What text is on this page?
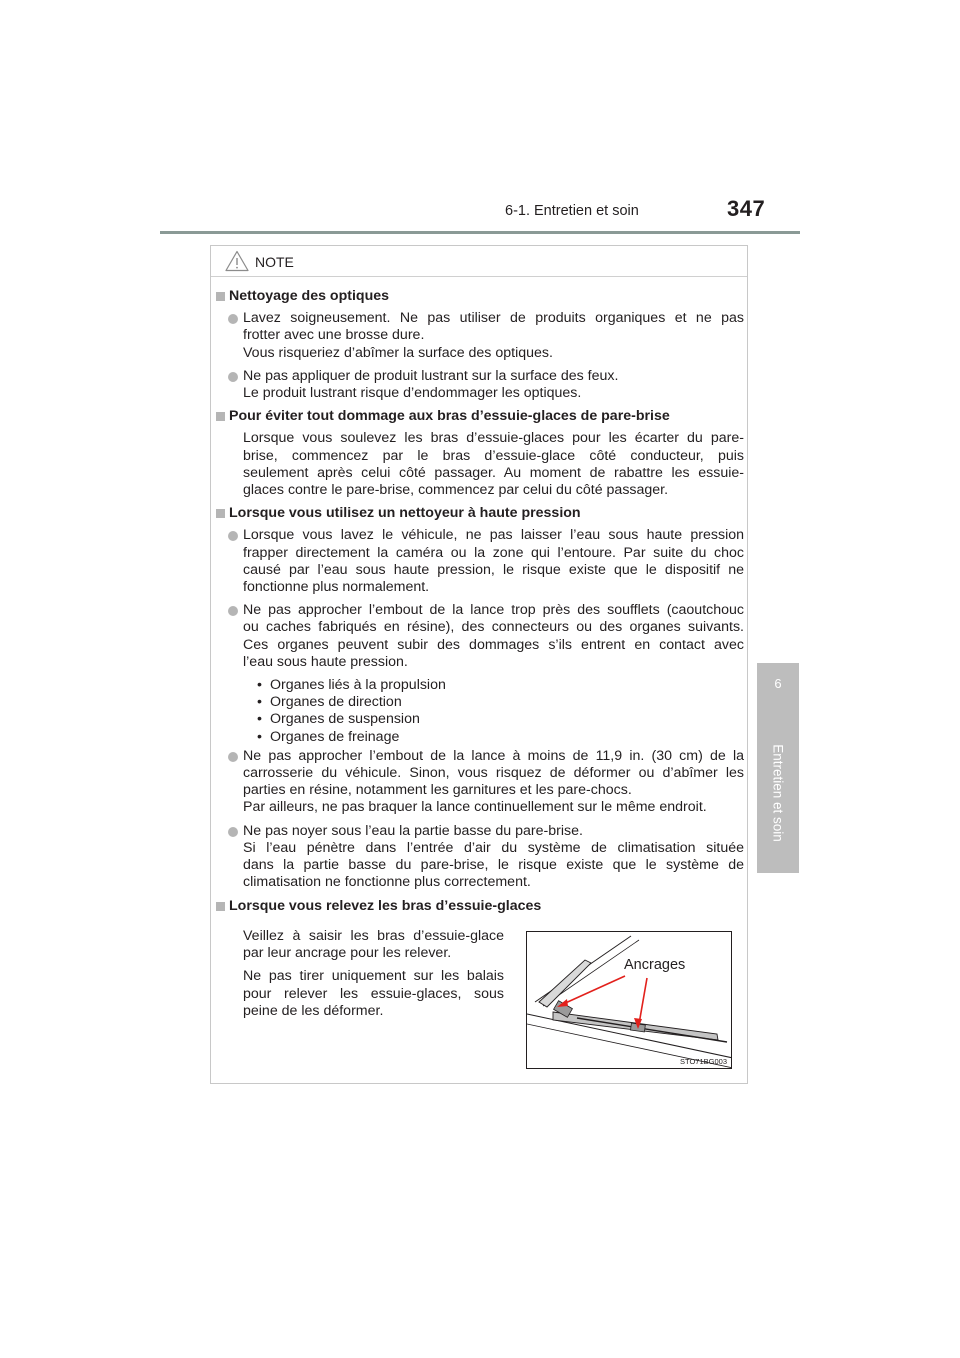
6-1. Entretien et soin	347
6
Entretien et soin
NOTE
Nettoyage des optiques
Lavez soigneusement. Ne pas utiliser de produits organiques et ne pas
frotter avec une brosse dure.
Vous risqueriez d’abîmer la surface des optiques.
Ne pas appliquer de produit lustrant sur la surface des feux.
Le produit lustrant risque d’endommager les optiques.
Pour éviter tout dommage aux bras d’essuie-glaces de pare-brise
Lorsque vous soulevez les bras d’essuie-glaces pour les écarter du pare-
brise, commencez par le bras d’essuie-glace côté conducteur, puis
seulement après celui côté passager. Au moment de rabattre les essuie-
glaces contre le pare-brise, commencez par celui du côté passager.
Lorsque vous utilisez un nettoyeur à haute pression
Lorsque vous lavez le véhicule, ne pas laisser l’eau sous haute pression
frapper directement la caméra ou la zone qui l’entoure. Par suite du choc
causé par l’eau sous haute pression, le risque existe que le dispositif ne
fonctionne plus normalement.
Ne pas approcher l’embout de la lance trop près des soufflets (caoutchouc
ou caches fabriqués en résine), des connecteurs ou des organes suivants.
Ces organes peuvent subir des dommages s’ils entrent en contact avec
l’eau sous haute pression.
• Organes liés à la propulsion
• Organes de direction
• Organes de suspension
• Organes de freinage
Ne pas approcher l’embout de la lance à moins de 11,9 in. (30 cm) de la
carrosserie du véhicule. Sinon, vous risquez de déformer ou d’abîmer les
parties en résine, notamment les garnitures et les pare-chocs.
Par ailleurs, ne pas braquer la lance continuellement sur le même endroit.
Ne pas noyer sous l’eau la partie basse du pare-brise.
Si l’eau pénètre dans l’entrée d’air du système de climatisation située
dans la partie basse du pare-brise, le risque existe que le système de
climatisation ne fonctionne plus correctement.
Lorsque vous relevez les bras d’essuie-glaces

Veillez à saisir les bras d’essuie-glace
par leur ancrage pour les relever.

Ne pas tirer uniquement sur les balais
pour relever les essuie-glaces, sous
peine de les déformer.

Ancrages
STO71BG003
